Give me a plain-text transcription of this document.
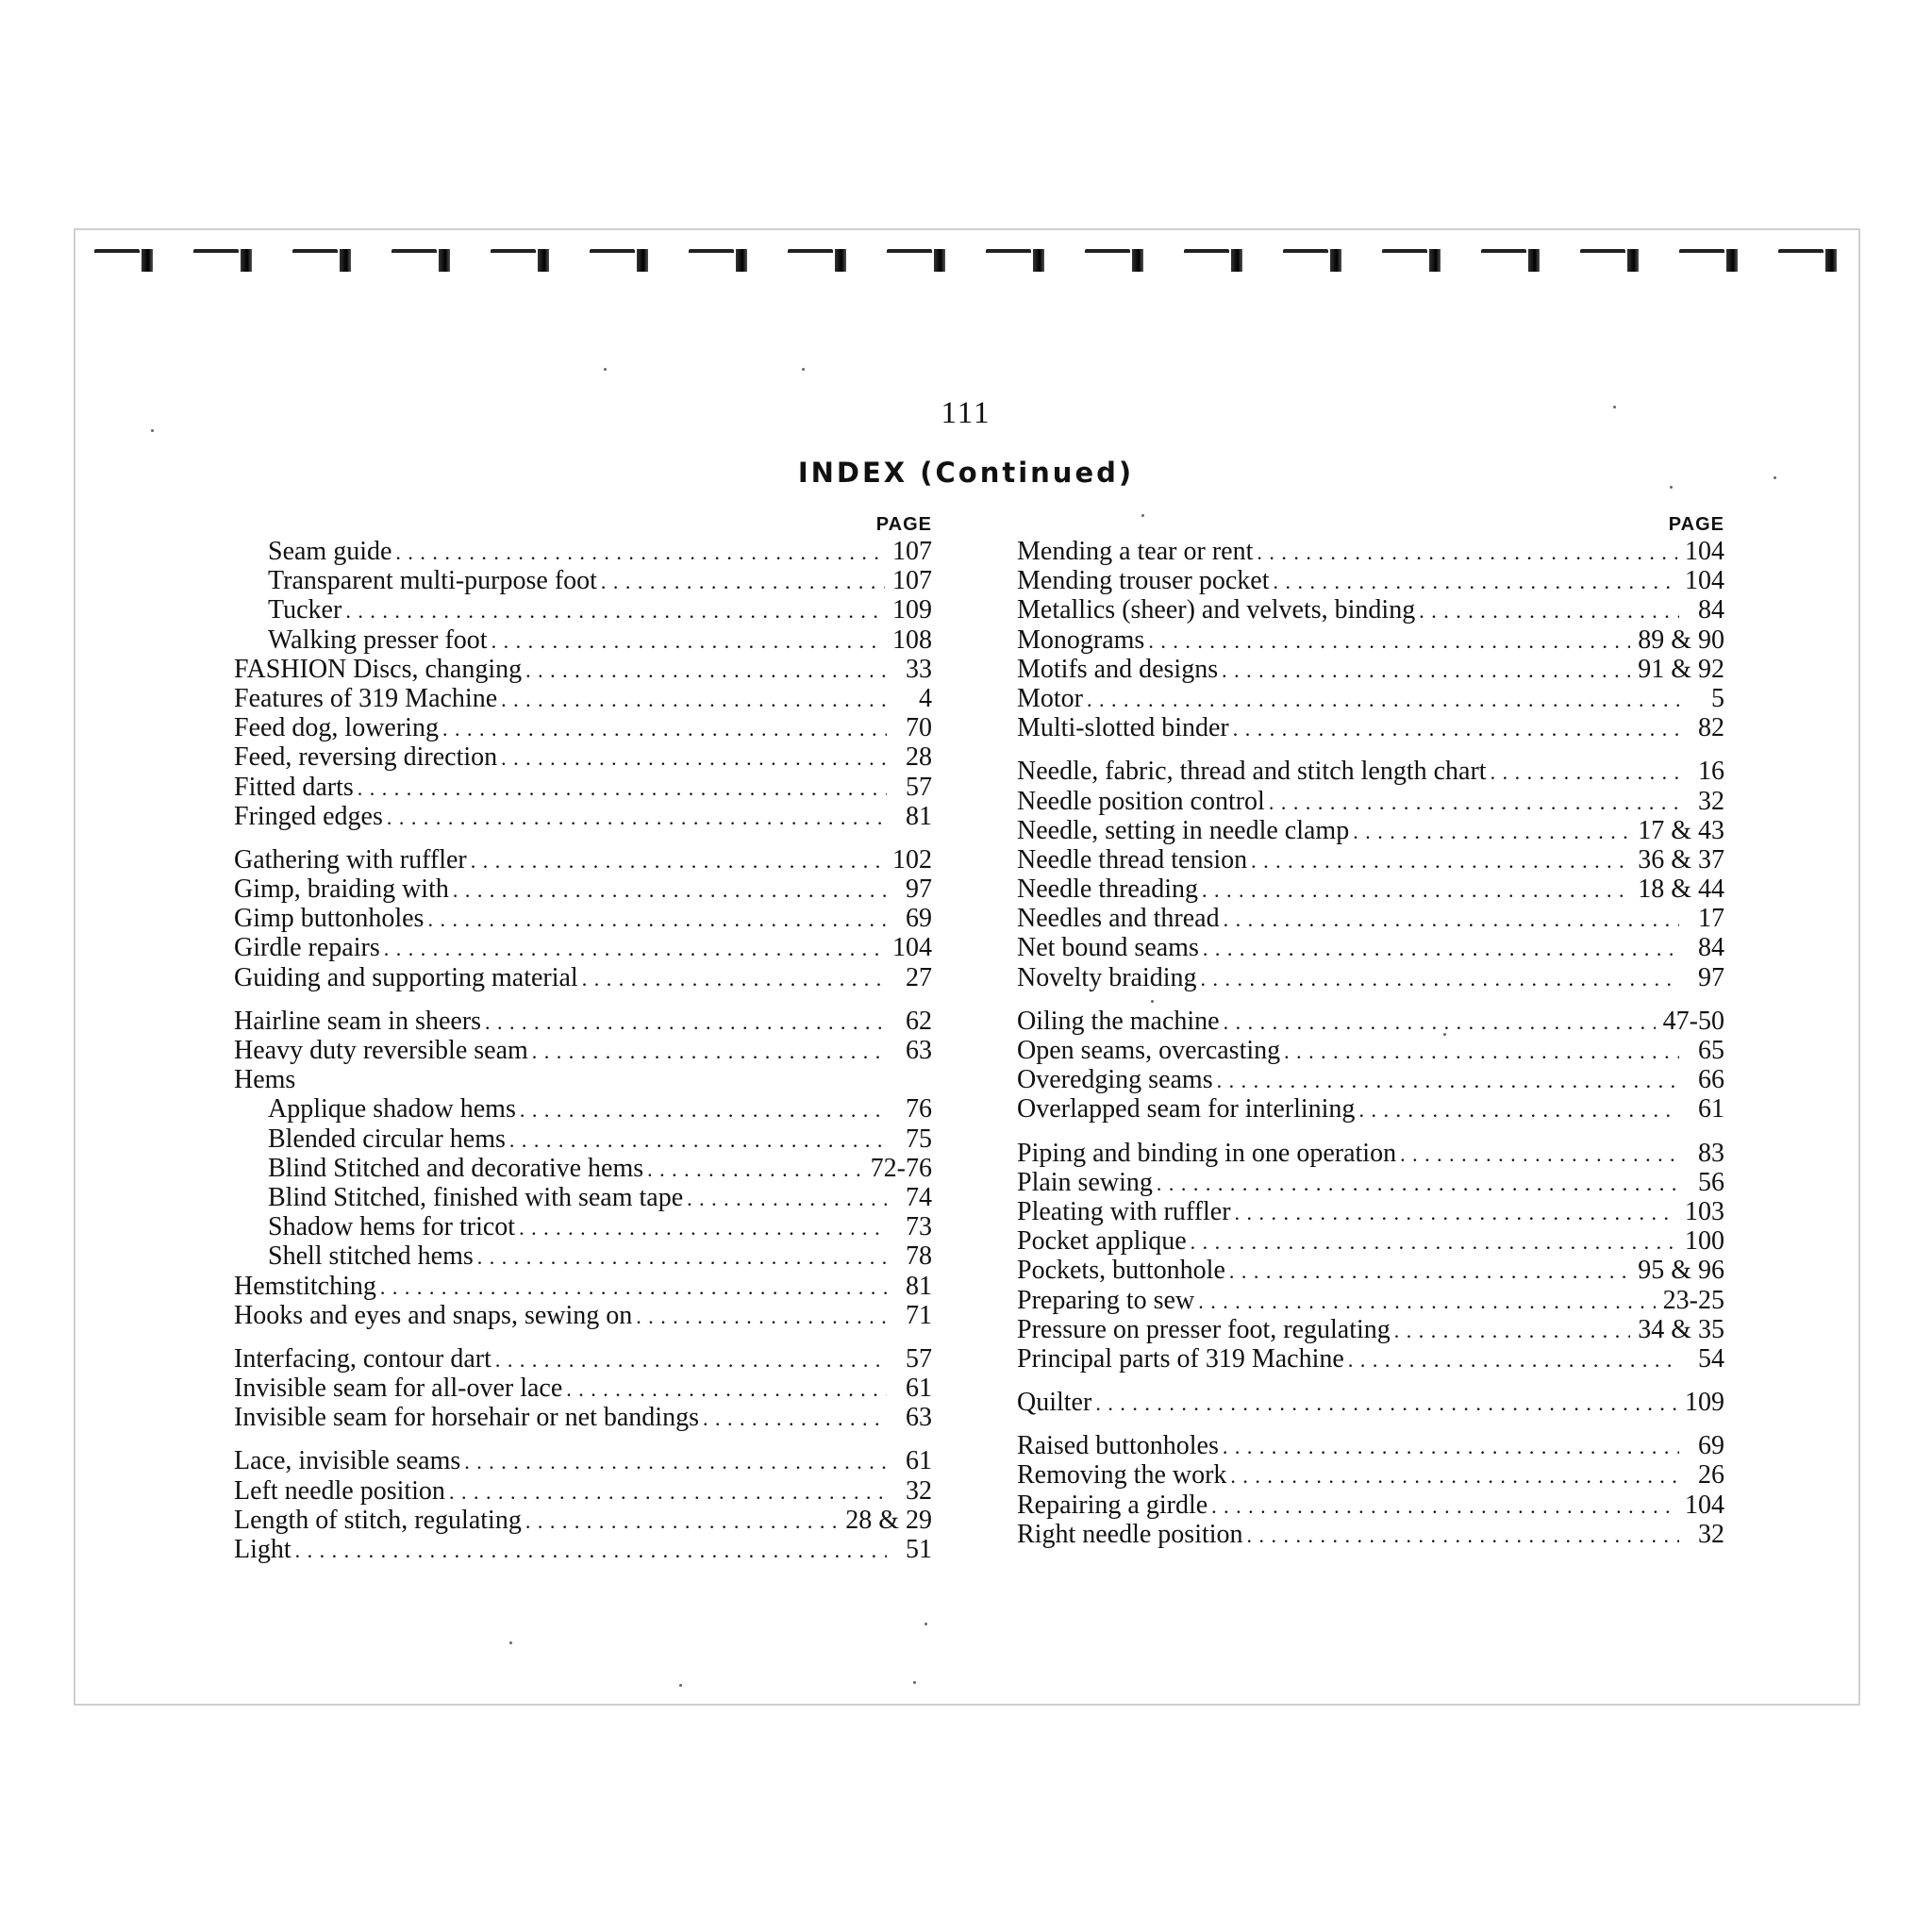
111
INDEX (Continued)
PAGE
Seam guide . . .	107
Transparent multi-purpose foot . . .	107
Tucker . . .	109
Walking presser foot . . .	108
FASHION Discs, changing . . .	33
Features of 319 Machine . . .	4
Feed dog, lowering . . .	70
Feed, reversing direction . . .	28
Fitted darts . . .	57
Fringed edges . . .	81
Gathering with ruffler . . .	102
Gimp, braiding with . . .	97
Gimp buttonholes . . .	69
Girdle repairs . . .	104
Guiding and supporting material . . .	27
Hairline seam in sheers . . .	62
Heavy duty reversible seam . . .	63
Hems
Applique shadow hems . . .	76
Blended circular hems . . .	75
Blind Stitched and decorative hems . . .	72-76
Blind Stitched, finished with seam tape . . .	74
Shadow hems for tricot . . .	73
Shell stitched hems . . .	78
Hemstitching . . .	81
Hooks and eyes and snaps, sewing on . . .	71
Interfacing, contour dart . . .	57
Invisible seam for all-over lace . . .	61
Invisible seam for horsehair or net bandings . . .	63
Lace, invisible seams . . .	61
Left needle position . . .	32
Length of stitch, regulating . . .	28 & 29
Light . . .	51
PAGE
Mending a tear or rent . . .	104
Mending trouser pocket . . .	104
Metallics (sheer) and velvets, binding . . .	84
Monograms . . .	89 & 90
Motifs and designs . . .	91 & 92
Motor . . .	5
Multi-slotted binder . . .	82
Needle, fabric, thread and stitch length chart . . .	16
Needle position control . . .	32
Needle, setting in needle clamp . . .	17 & 43
Needle thread tension . . .	36 & 37
Needle threading . . .	18 & 44
Needles and thread . . .	17
Net bound seams . . .	84
Novelty braiding . . .	97
Oiling the machine . . .	47-50
Open seams, overcasting . . .	65
Overedging seams . . .	66
Overlapped seam for interlining . . .	61
Piping and binding in one operation . . .	83
Plain sewing . . .	56
Pleating with ruffler . . .	103
Pocket applique . . .	100
Pockets, buttonhole . . .	95 & 96
Preparing to sew . . .	23-25
Pressure on presser foot, regulating . . .	34 & 35
Principal parts of 319 Machine . . .	54
Quilter . . .	109
Raised buttonholes . . .	69
Removing the work . . .	26
Repairing a girdle . . .	104
Right needle position . . .	32
